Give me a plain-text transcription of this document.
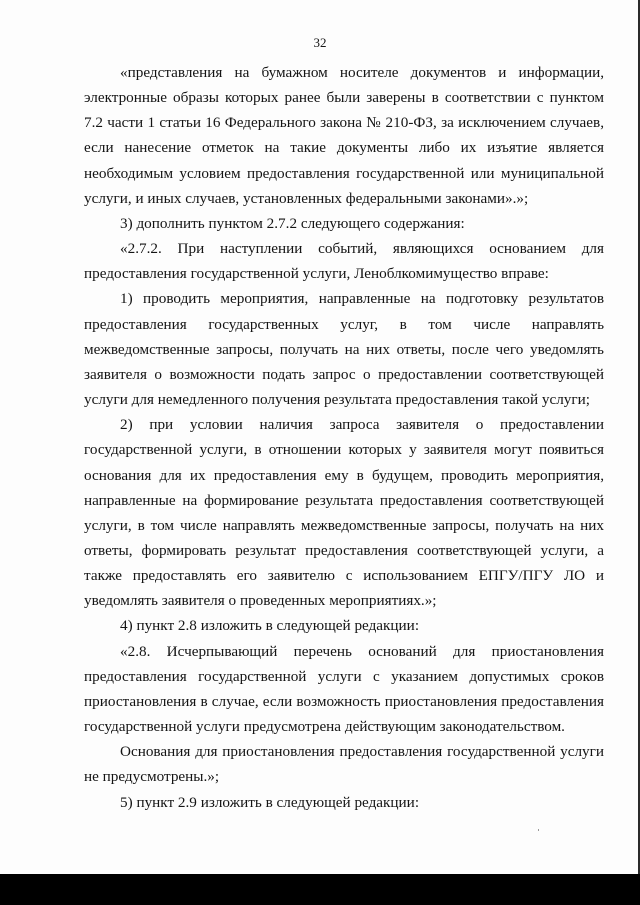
32

«представления на бумажном носителе документов и информации, электронные образы которых ранее были заверены в соответствии с пунктом 7.2 части 1 статьи 16 Федерального закона № 210-ФЗ, за исключением случаев, если нанесение отметок на такие документы либо их изъятие является необходимым условием предоставления государственной или муниципальной услуги, и иных случаев, установленных федеральными законами».»;

3) дополнить пунктом 2.7.2 следующего содержания:

«2.7.2. При наступлении событий, являющихся основанием для предоставления государственной услуги, Леноблкомимущество вправе:

1) проводить мероприятия, направленные на подготовку результатов предоставления государственных услуг, в том числе направлять межведомственные запросы, получать на них ответы, после чего уведомлять заявителя о возможности подать запрос о предоставлении соответствующей услуги для немедленного получения результата предоставления такой услуги;

2) при условии наличия запроса заявителя о предоставлении государственной услуги, в отношении которых у заявителя могут появиться основания для их предоставления ему в будущем, проводить мероприятия, направленные на формирование результата предоставления соответствующей услуги, в том числе направлять межведомственные запросы, получать на них ответы, формировать результат предоставления соответствующей услуги, а также предоставлять его заявителю с использованием ЕПГУ/ПГУ ЛО и уведомлять заявителя о проведенных мероприятиях.»;

4) пункт 2.8 изложить в следующей редакции:

«2.8. Исчерпывающий перечень оснований для приостановления предоставления государственной услуги с указанием допустимых сроков приостановления в случае, если возможность приостановления предоставления государственной услуги предусмотрена действующим законодательством.

Основания для приостановления предоставления государственной услуги не предусмотрены.»;

5) пункт 2.9 изложить в следующей редакции:
